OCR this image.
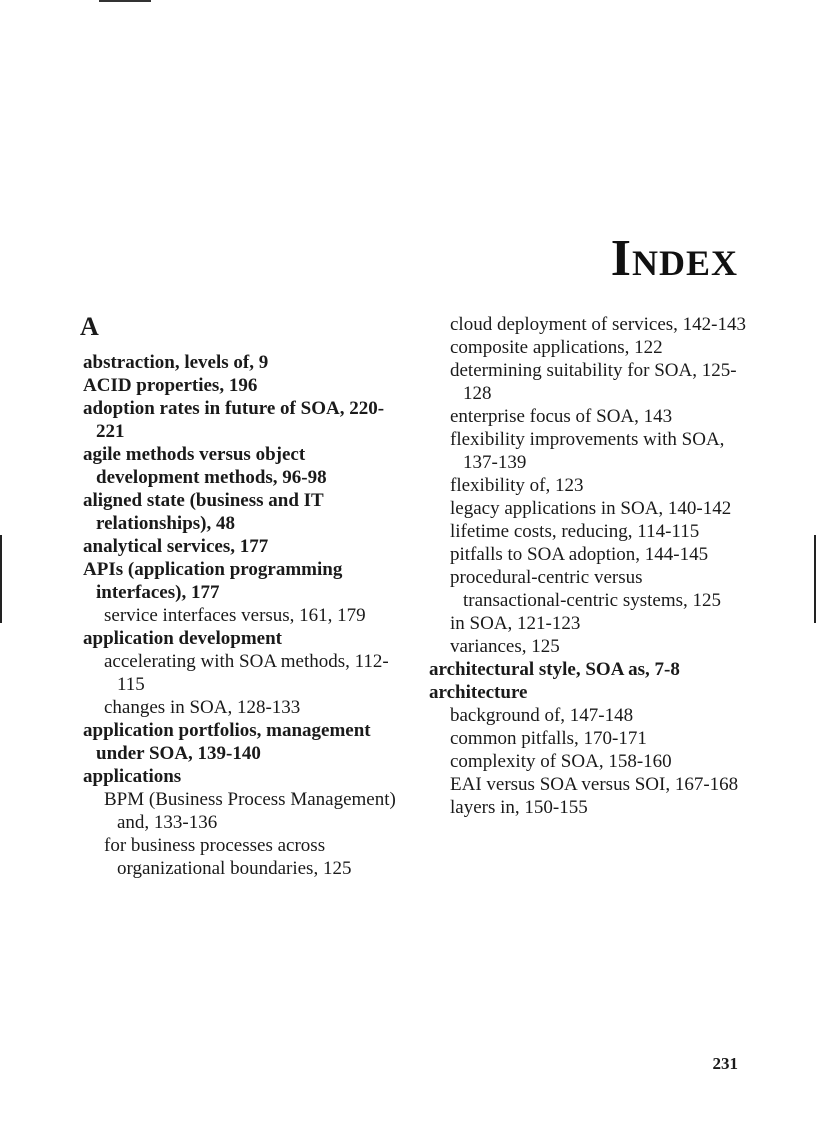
Index
A
abstraction, levels of, 9
ACID properties, 196
adoption rates in future of SOA, 220-221
agile methods versus object development methods, 96-98
aligned state (business and IT relationships), 48
analytical services, 177
APIs (application programming interfaces), 177
service interfaces versus, 161, 179
application development
accelerating with SOA methods, 112-115
changes in SOA, 128-133
application portfolios, management under SOA, 139-140
applications
BPM (Business Process Management) and, 133-136
for business processes across organizational boundaries, 125
cloud deployment of services, 142-143
composite applications, 122
determining suitability for SOA, 125-128
enterprise focus of SOA, 143
flexibility improvements with SOA, 137-139
flexibility of, 123
legacy applications in SOA, 140-142
lifetime costs, reducing, 114-115
pitfalls to SOA adoption, 144-145
procedural-centric versus transactional-centric systems, 125
in SOA, 121-123
variances, 125
architectural style, SOA as, 7-8
architecture
background of, 147-148
common pitfalls, 170-171
complexity of SOA, 158-160
EAI versus SOA versus SOI, 167-168
layers in, 150-155

231
